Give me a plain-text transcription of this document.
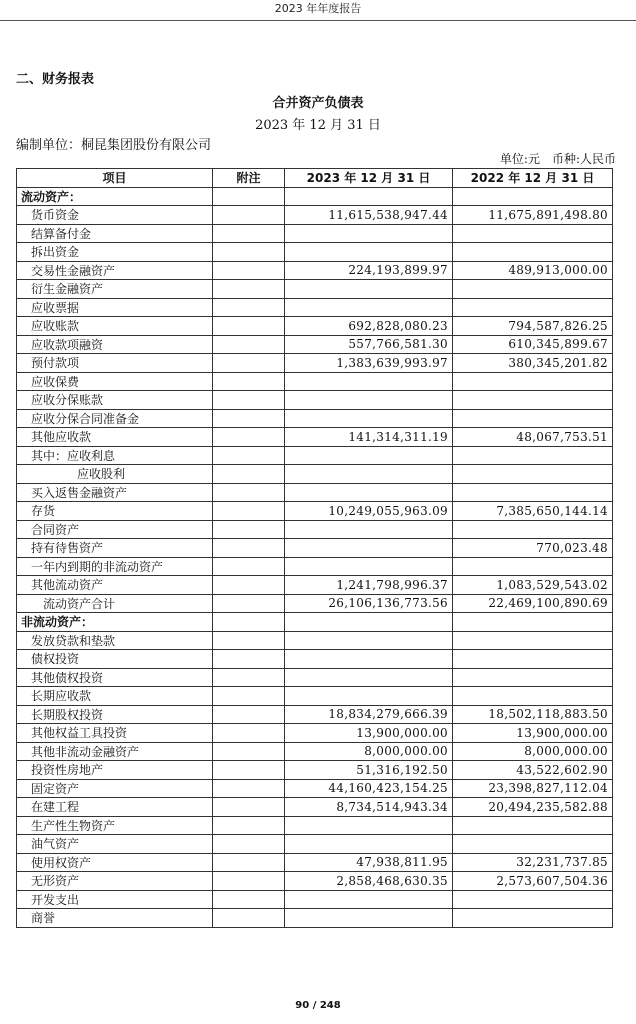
2023 年年度报告
二、财务报表
合并资产负债表
2023 年 12 月 31 日
编制单位：桐昆集团股份有限公司
单位:元　币种:人民币
项目	附注	2023 年 12 月 31 日	2022 年 12 月 31 日
流动资产：			
货币资金		11,615,538,947.44	11,675,891,498.80
结算备付金			
拆出资金			
交易性金融资产		224,193,899.97	489,913,000.00
衍生金融资产			
应收票据			
应收账款		692,828,080.23	794,587,826.25
应收款项融资		557,766,581.30	610,345,899.67
预付款项		1,383,639,993.97	380,345,201.82
应收保费			
应收分保账款			
应收分保合同准备金			
其他应收款		141,314,311.19	48,067,753.51
其中：应收利息			
应收股利			
买入返售金融资产			
存货		10,249,055,963.09	7,385,650,144.14
合同资产			
持有待售资产			770,023.48
一年内到期的非流动资产			
其他流动资产		1,241,798,996.37	1,083,529,543.02
流动资产合计		26,106,136,773.56	22,469,100,890.69
非流动资产：			
发放贷款和垫款			
债权投资			
其他债权投资			
长期应收款			
长期股权投资		18,834,279,666.39	18,502,118,883.50
其他权益工具投资		13,900,000.00	13,900,000.00
其他非流动金融资产		8,000,000.00	8,000,000.00
投资性房地产		51,316,192.50	43,522,602.90
固定资产		44,160,423,154.25	23,398,827,112.04
在建工程		8,734,514,943.34	20,494,235,582.88
生产性生物资产			
油气资产			
使用权资产		47,938,811.95	32,231,737.85
无形资产		2,858,468,630.35	2,573,607,504.36
开发支出			
商誉			
90 / 248
